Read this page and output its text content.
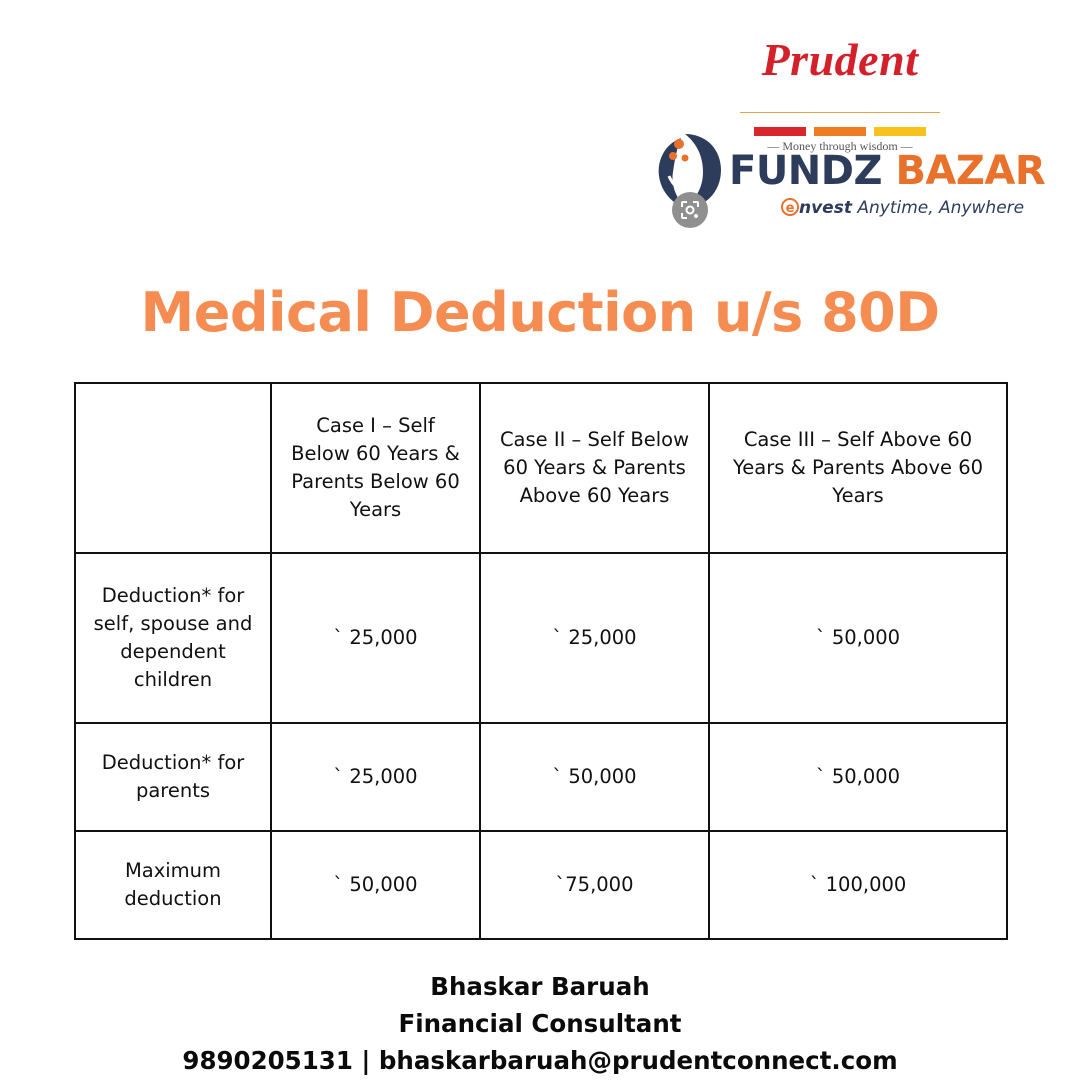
Prudent
— Money through wisdom —
FUNDZ BAZAR
e nvest Anytime, Anywhere
Medical Deduction u/s 80D
	Case I – Self Below 60 Years & Parents Below 60 Years	Case II – Self Below 60 Years & Parents Above 60 Years	Case III – Self Above 60 Years & Parents Above 60 Years
Deduction* for self, spouse and dependent children	` 25,000	` 25,000	` 50,000
Deduction* for parents	` 25,000	` 50,000	` 50,000
Maximum deduction	` 50,000	`75,000	` 100,000
Bhaskar Baruah
Financial Consultant
9890205131 | bhaskarbaruah@prudentconnect.com
